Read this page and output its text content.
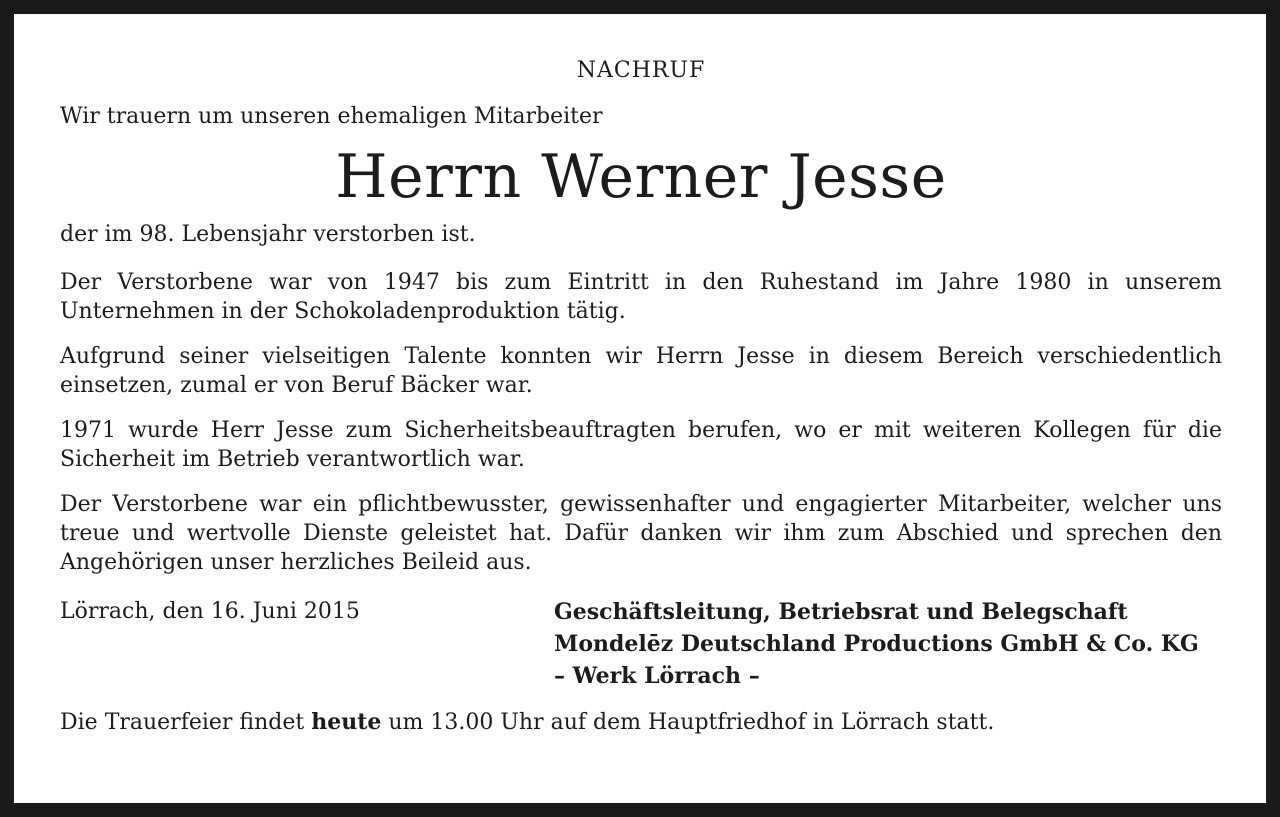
NACHRUF

Wir trauern um unseren ehemaligen Mitarbeiter

Herrn Werner Jesse

der im 98. Lebensjahr verstorben ist.

Der Verstorbene war von 1947 bis zum Eintritt in den Ruhestand im Jahre 1980 in unserem Unternehmen in der Schokoladenproduktion tätig.

Aufgrund seiner vielseitigen Talente konnten wir Herrn Jesse in diesem Bereich verschiedentlich einsetzen, zumal er von Beruf Bäcker war.

1971 wurde Herr Jesse zum Sicherheitsbeauftragten berufen, wo er mit weiteren Kollegen für die Sicherheit im Betrieb verantwortlich war.

Der Verstorbene war ein pflichtbewusster, gewissenhafter und engagierter Mitarbeiter, welcher uns treue und wertvolle Dienste geleistet hat. Dafür danken wir ihm zum Abschied und sprechen den Angehörigen unser herzliches Beileid aus.

Lörrach, den 16. Juni 2015	Geschäftsleitung, Betriebsrat und Belegschaft
Mondelēz Deutschland Productions GmbH & Co. KG
– Werk Lörrach –
Die Trauerfeier findet heute um 13.00 Uhr auf dem Hauptfriedhof in Lörrach statt.
